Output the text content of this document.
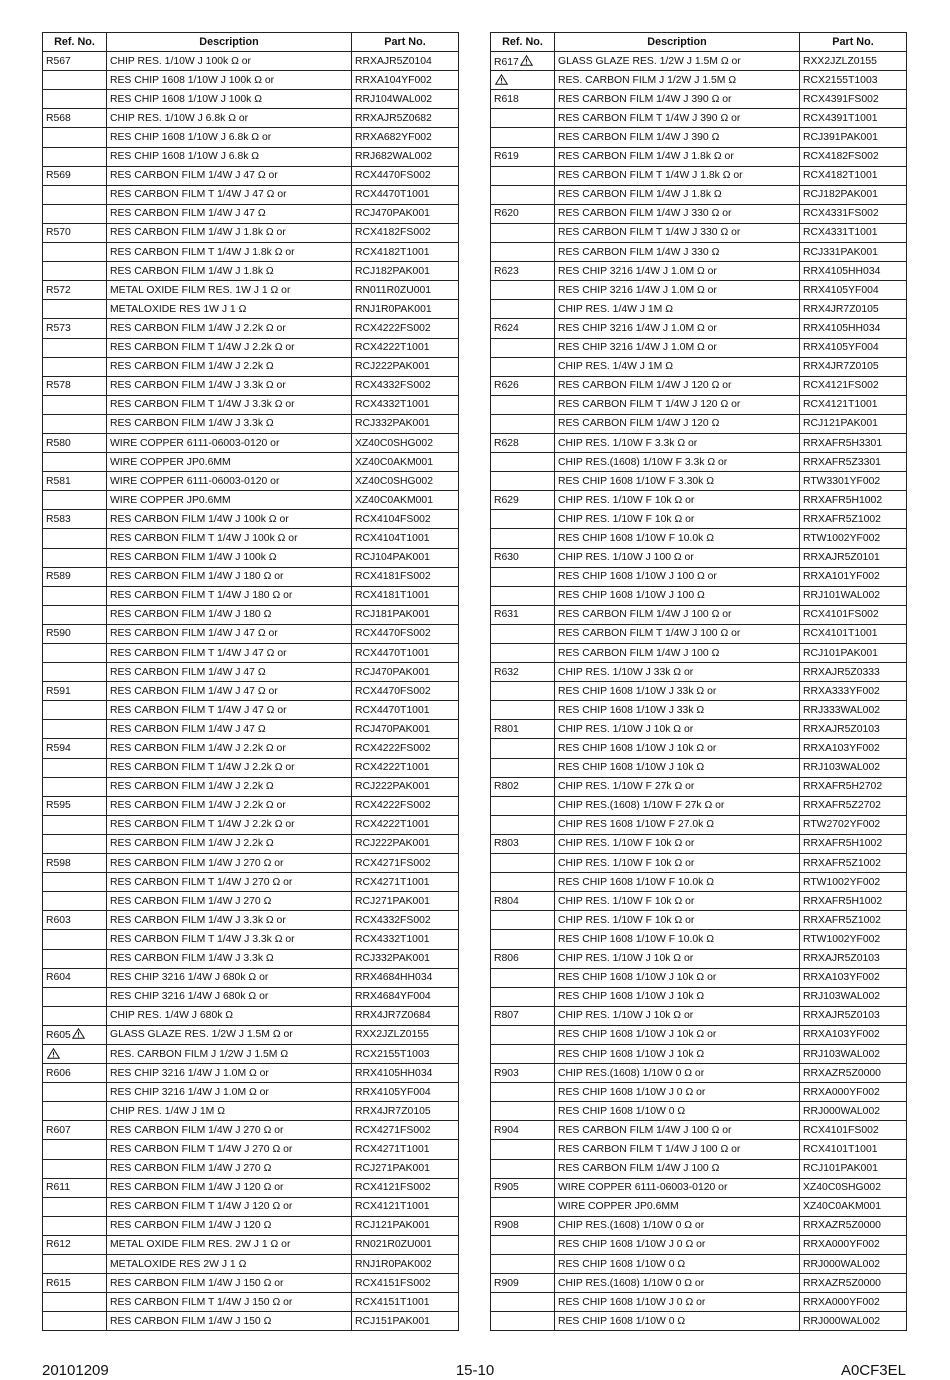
Ref. No.	Description	Part No.
R567	CHIP RES. 1/10W J 100k Ω or	RRXAJR5Z0104
	RES CHIP 1608 1/10W J 100k Ω or	RRXA104YF002
	RES CHIP 1608 1/10W J 100k Ω	RRJ104WAL002
R568	CHIP RES. 1/10W J 6.8k Ω or	RRXAJR5Z0682
	RES CHIP 1608 1/10W J 6.8k Ω or	RRXA682YF002
	RES CHIP 1608 1/10W J 6.8k Ω	RRJ682WAL002
R569	RES CARBON FILM 1/4W J 47 Ω or	RCX4470FS002
	RES CARBON FILM T 1/4W J 47 Ω or	RCX4470T1001
	RES CARBON FILM 1/4W J 47 Ω	RCJ470PAK001
R570	RES CARBON FILM 1/4W J 1.8k Ω or	RCX4182FS002
	RES CARBON FILM T 1/4W J 1.8k Ω or	RCX4182T1001
	RES CARBON FILM 1/4W J 1.8k Ω	RCJ182PAK001
R572	METAL OXIDE FILM RES. 1W J 1 Ω or	RN011R0ZU001
	METALOXIDE RES 1W J 1 Ω	RNJ1R0PAK001
R573	RES CARBON FILM 1/4W J 2.2k Ω or	RCX4222FS002
	RES CARBON FILM T 1/4W J 2.2k Ω or	RCX4222T1001
	RES CARBON FILM 1/4W J 2.2k Ω	RCJ222PAK001
R578	RES CARBON FILM 1/4W J 3.3k Ω or	RCX4332FS002
	RES CARBON FILM T 1/4W J 3.3k Ω or	RCX4332T1001
	RES CARBON FILM 1/4W J 3.3k Ω	RCJ332PAK001
R580	WIRE COPPER 6111-06003-0120 or	XZ40C0SHG002
	WIRE COPPER JP0.6MM	XZ40C0AKM001
R581	WIRE COPPER 6111-06003-0120 or	XZ40C0SHG002
	WIRE COPPER JP0.6MM	XZ40C0AKM001
R583	RES CARBON FILM 1/4W J 100k Ω or	RCX4104FS002
	RES CARBON FILM T 1/4W J 100k Ω or	RCX4104T1001
	RES CARBON FILM 1/4W J 100k Ω	RCJ104PAK001
R589	RES CARBON FILM 1/4W J 180 Ω or	RCX4181FS002
	RES CARBON FILM T 1/4W J 180 Ω or	RCX4181T1001
	RES CARBON FILM 1/4W J 180 Ω	RCJ181PAK001
R590	RES CARBON FILM 1/4W J 47 Ω or	RCX4470FS002
	RES CARBON FILM T 1/4W J 47 Ω or	RCX4470T1001
	RES CARBON FILM 1/4W J 47 Ω	RCJ470PAK001
R591	RES CARBON FILM 1/4W J 47 Ω or	RCX4470FS002
	RES CARBON FILM T 1/4W J 47 Ω or	RCX4470T1001
	RES CARBON FILM 1/4W J 47 Ω	RCJ470PAK001
R594	RES CARBON FILM 1/4W J 2.2k Ω or	RCX4222FS002
	RES CARBON FILM T 1/4W J 2.2k Ω or	RCX4222T1001
	RES CARBON FILM 1/4W J 2.2k Ω	RCJ222PAK001
R595	RES CARBON FILM 1/4W J 2.2k Ω or	RCX4222FS002
	RES CARBON FILM T 1/4W J 2.2k Ω or	RCX4222T1001
	RES CARBON FILM 1/4W J 2.2k Ω	RCJ222PAK001
R598	RES CARBON FILM 1/4W J 270 Ω or	RCX4271FS002
	RES CARBON FILM T 1/4W J 270 Ω or	RCX4271T1001
	RES CARBON FILM 1/4W J 270 Ω	RCJ271PAK001
R603	RES CARBON FILM 1/4W J 3.3k Ω or	RCX4332FS002
	RES CARBON FILM T 1/4W J 3.3k Ω or	RCX4332T1001
	RES CARBON FILM 1/4W J 3.3k Ω	RCJ332PAK001
R604	RES CHIP 3216 1/4W J 680k Ω or	RRX4684HH034
	RES CHIP 3216 1/4W J 680k Ω or	RRX4684YF004
	CHIP RES. 1/4W J 680k Ω	RRX4JR7Z0684
R605	GLASS GLAZE RES. 1/2W J 1.5M Ω or	RXX2JZLZ0155

	RES. CARBON FILM J 1/2W J 1.5M Ω	RCX2155T1003
R606	RES CHIP 3216 1/4W J 1.0M Ω or	RRX4105HH034
	RES CHIP 3216 1/4W J 1.0M Ω or	RRX4105YF004
	CHIP RES. 1/4W J 1M Ω	RRX4JR7Z0105
R607	RES CARBON FILM 1/4W J 270 Ω or	RCX4271FS002
	RES CARBON FILM T 1/4W J 270 Ω or	RCX4271T1001
	RES CARBON FILM 1/4W J 270 Ω	RCJ271PAK001
R611	RES CARBON FILM 1/4W J 120 Ω or	RCX4121FS002
	RES CARBON FILM T 1/4W J 120 Ω or	RCX4121T1001
	RES CARBON FILM 1/4W J 120 Ω	RCJ121PAK001
R612	METAL OXIDE FILM RES. 2W J 1 Ω or	RN021R0ZU001
	METALOXIDE RES 2W J 1 Ω	RNJ1R0PAK002
R615	RES CARBON FILM 1/4W J 150 Ω or	RCX4151FS002
	RES CARBON FILM T 1/4W J 150 Ω or	RCX4151T1001
	RES CARBON FILM 1/4W J 150 Ω	RCJ151PAK001
Ref. No.	Description	Part No.
R617	GLASS GLAZE RES. 1/2W J 1.5M Ω or	RXX2JZLZ0155

	RES. CARBON FILM J 1/2W J 1.5M Ω	RCX2155T1003
R618	RES CARBON FILM 1/4W J 390 Ω or	RCX4391FS002
	RES CARBON FILM T 1/4W J 390 Ω or	RCX4391T1001
	RES CARBON FILM 1/4W J 390 Ω	RCJ391PAK001
R619	RES CARBON FILM 1/4W J 1.8k Ω or	RCX4182FS002
	RES CARBON FILM T 1/4W J 1.8k Ω or	RCX4182T1001
	RES CARBON FILM 1/4W J 1.8k Ω	RCJ182PAK001
R620	RES CARBON FILM 1/4W J 330 Ω or	RCX4331FS002
	RES CARBON FILM T 1/4W J 330 Ω or	RCX4331T1001
	RES CARBON FILM 1/4W J 330 Ω	RCJ331PAK001
R623	RES CHIP 3216 1/4W J 1.0M Ω or	RRX4105HH034
	RES CHIP 3216 1/4W J 1.0M Ω or	RRX4105YF004
	CHIP RES. 1/4W J 1M Ω	RRX4JR7Z0105
R624	RES CHIP 3216 1/4W J 1.0M Ω or	RRX4105HH034
	RES CHIP 3216 1/4W J 1.0M Ω or	RRX4105YF004
	CHIP RES. 1/4W J 1M Ω	RRX4JR7Z0105
R626	RES CARBON FILM 1/4W J 120 Ω or	RCX4121FS002
	RES CARBON FILM T 1/4W J 120 Ω or	RCX4121T1001
	RES CARBON FILM 1/4W J 120 Ω	RCJ121PAK001
R628	CHIP RES. 1/10W F 3.3k Ω or	RRXAFR5H3301
	CHIP RES.(1608) 1/10W F 3.3k Ω or	RRXAFR5Z3301
	RES CHIP 1608 1/10W F 3.30k Ω	RTW3301YF002
R629	CHIP RES. 1/10W F 10k Ω or	RRXAFR5H1002
	CHIP RES. 1/10W F 10k Ω or	RRXAFR5Z1002
	RES CHIP 1608 1/10W F 10.0k Ω	RTW1002YF002
R630	CHIP RES. 1/10W J 100 Ω or	RRXAJR5Z0101
	RES CHIP 1608 1/10W J 100 Ω or	RRXA101YF002
	RES CHIP 1608 1/10W J 100 Ω	RRJ101WAL002
R631	RES CARBON FILM 1/4W J 100 Ω or	RCX4101FS002
	RES CARBON FILM T 1/4W J 100 Ω or	RCX4101T1001
	RES CARBON FILM 1/4W J 100 Ω	RCJ101PAK001
R632	CHIP RES. 1/10W J 33k Ω or	RRXAJR5Z0333
	RES CHIP 1608 1/10W J 33k Ω or	RRXA333YF002
	RES CHIP 1608 1/10W J 33k Ω	RRJ333WAL002
R801	CHIP RES. 1/10W J 10k Ω or	RRXAJR5Z0103
	RES CHIP 1608 1/10W J 10k Ω or	RRXA103YF002
	RES CHIP 1608 1/10W J 10k Ω	RRJ103WAL002
R802	CHIP RES. 1/10W F 27k Ω or	RRXAFR5H2702
	CHIP RES.(1608) 1/10W F 27k Ω or	RRXAFR5Z2702
	CHIP RES 1608 1/10W F 27.0k Ω	RTW2702YF002
R803	CHIP RES. 1/10W F 10k Ω or	RRXAFR5H1002
	CHIP RES. 1/10W F 10k Ω or	RRXAFR5Z1002
	RES CHIP 1608 1/10W F 10.0k Ω	RTW1002YF002
R804	CHIP RES. 1/10W F 10k Ω or	RRXAFR5H1002
	CHIP RES. 1/10W F 10k Ω or	RRXAFR5Z1002
	RES CHIP 1608 1/10W F 10.0k Ω	RTW1002YF002
R806	CHIP RES. 1/10W J 10k Ω or	RRXAJR5Z0103
	RES CHIP 1608 1/10W J 10k Ω or	RRXA103YF002
	RES CHIP 1608 1/10W J 10k Ω	RRJ103WAL002
R807	CHIP RES. 1/10W J 10k Ω or	RRXAJR5Z0103
	RES CHIP 1608 1/10W J 10k Ω or	RRXA103YF002
	RES CHIP 1608 1/10W J 10k Ω	RRJ103WAL002
R903	CHIP RES.(1608) 1/10W 0 Ω or	RRXAZR5Z0000
	RES CHIP 1608 1/10W J 0 Ω or	RRXA000YF002
	RES CHIP 1608 1/10W 0 Ω	RRJ000WAL002
R904	RES CARBON FILM 1/4W J 100 Ω or	RCX4101FS002
	RES CARBON FILM T 1/4W J 100 Ω or	RCX4101T1001
	RES CARBON FILM 1/4W J 100 Ω	RCJ101PAK001
R905	WIRE COPPER 6111-06003-0120 or	XZ40C0SHG002
	WIRE COPPER JP0.6MM	XZ40C0AKM001
R908	CHIP RES.(1608) 1/10W 0 Ω or	RRXAZR5Z0000
	RES CHIP 1608 1/10W J 0 Ω or	RRXA000YF002
	RES CHIP 1608 1/10W 0 Ω	RRJ000WAL002
R909	CHIP RES.(1608) 1/10W 0 Ω or	RRXAZR5Z0000
	RES CHIP 1608 1/10W J 0 Ω or	RRXA000YF002
	RES CHIP 1608 1/10W 0 Ω	RRJ000WAL002
20101209	15-10	A0CF3EL
